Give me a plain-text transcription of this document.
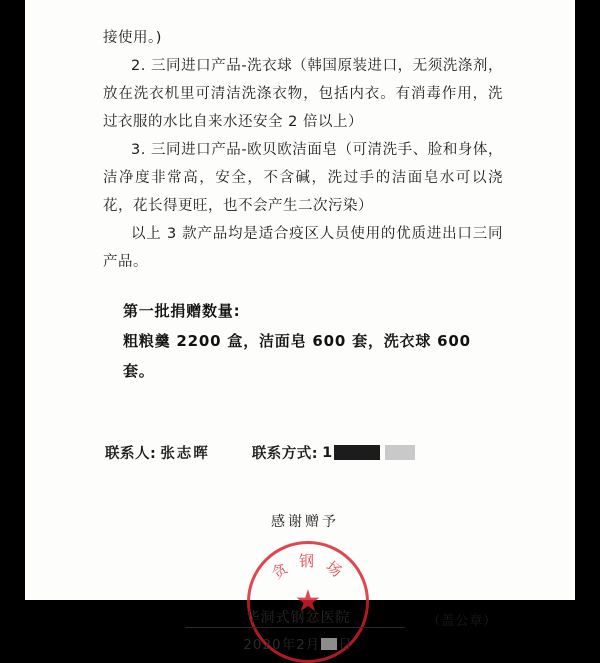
接使用。)

2. 三同进口产品-洗衣球（韩国原装进口，无须洗涤剂，放在洗衣机里可清洁洗涤衣物，包括内衣。有消毒作用，洗过衣服的水比自来水还安全 2 倍以上）

3. 三同进口产品-欧贝欧洁面皂（可清洗手、脸和身体，洁净度非常高，安全，不含碱，洗过手的洁面皂水可以浇花，花长得更旺，也不会产生二次污染）

以上 3 款产品均是适合疫区人员使用的优质进出口三同产品。

第一批捐赠数量:

粗粮羹 2200 盒，洁面皂 600 套，洗衣球 600 套。

联系人: 张志晖	联系方式: 1

感谢赠予

贪 钢 场
★
华洞式钢忿医院	（盖公章）
2020年2月 日
